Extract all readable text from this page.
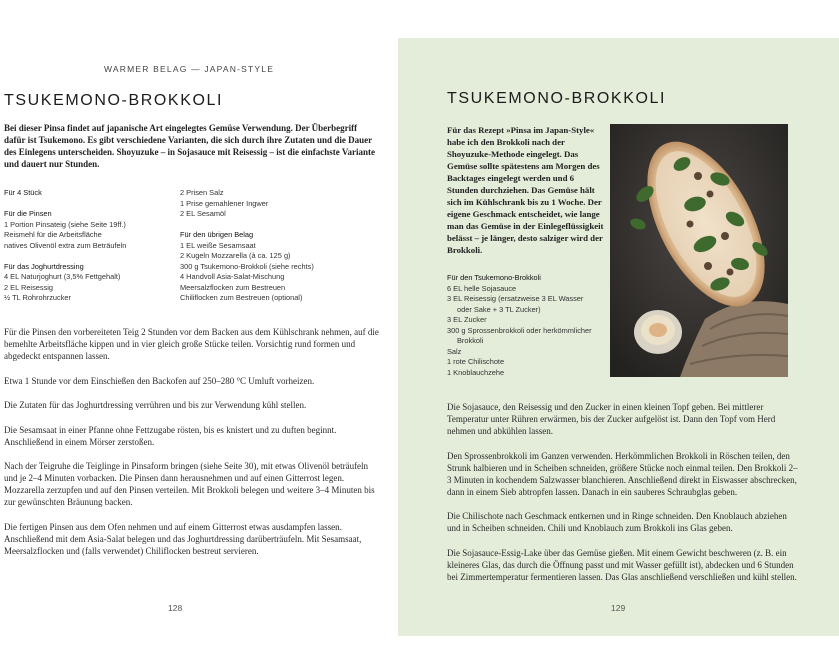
WARMER BELAG — JAPAN-STYLE
TSUKEMONO-BROKKOLI
Bei dieser Pinsa findet auf japanische Art eingelegtes Gemüse Verwendung. Der Überbegriff dafür ist Tsukemono. Es gibt verschiedene Varianten, die sich durch ihre Zutaten und die Dauer des Einlegens unterscheiden. Shoyuzuke – in Sojasauce mit Reisessig – ist die einfachste Variante und dauert nur Stunden.
Für 4 Stück
Für die Pinsen
1 Portion Pinsateig (siehe Seite 19ff.)
Reismehl für die Arbeitsfläche
natives Olivenöl extra zum Beträufeln
Für das Joghurtdressing
4 EL Naturjoghurt (3,5% Fettgehalt)
2 EL Reisessig
½ TL Rohrohrzucker
2 Prisen Salz
1 Prise gemahlener Ingwer
2 EL Sesamöl
Für den übrigen Belag
1 EL weiße Sesamsaat
2 Kugeln Mozzarella (à ca. 125 g)
300 g Tsukemono-Brokkoli (siehe rechts)
4 Handvoll Asia-Salat-Mischung
Meersalzflocken zum Bestreuen
Chiliflocken zum Bestreuen (optional)

Für die Pinsen den vorbereiteten Teig 2 Stunden vor dem Backen aus dem Kühlschrank nehmen, auf die bemehlte Arbeitsfläche kippen und in vier gleich große Stücke teilen. Vorsichtig rund formen und abgedeckt entspannen lassen.

Etwa 1 Stunde vor dem Einschießen den Backofen auf 250–280 °C Umluft vorheizen.

Die Zutaten für das Joghurtdressing verrühren und bis zur Verwendung kühl stellen.

Die Sesamsaat in einer Pfanne ohne Fettzugabe rösten, bis es knistert und zu duften beginnt. Anschließend in einem Mörser zerstoßen.

Nach der Teigruhe die Teiglinge in Pinsaform bringen (siehe Seite 30), mit etwas Olivenöl beträufeln und je 2–4 Minuten vorbacken. Die Pinsen dann herausnehmen und auf einen Gitterrost legen. Mozzarella zerzupfen und auf den Pinsen verteilen. Mit Brokkoli belegen und weitere 3–4 Minuten bis zur gewünschten Bräunung backen.

Die fertigen Pinsen aus dem Ofen nehmen und auf einem Gitterrost etwas ausdampfen lassen. Anschließend mit dem Asia-Salat belegen und das Joghurtdressing darüberträufeln. Mit Sesamsaat, Meersalzflocken und (falls verwendet) Chiliflocken bestreut servieren.

128
TSUKEMONO-BROKKOLI
Für das Rezept »Pinsa im Japan-Style« habe ich den Brokkoli nach der Shoyuzuke-Methode eingelegt. Das Gemüse sollte spätestens am Morgen des Backtages eingelegt werden und 6 Stunden durchziehen. Das Gemüse hält sich im Kühlschrank bis zu 1 Woche. Der eigene Geschmack entscheidet, wie lange man das Gemüse in der Einlegeflüssigkeit belässt – je länger, desto salziger wird der Brokkoli.
Für den Tsukemono-Brokkoli
6 EL helle Sojasauce
3 EL Reisessig (ersatzweise 3 EL Wasser
oder Sake + 3 TL Zucker)
3 EL Zucker
300 g Sprossenbrokkoli oder herkömmlicher
Brokkoli
Salz
1 rote Chilischote
1 Knoblauchzehe

Die Sojasauce, den Reisessig und den Zucker in einen kleinen Topf geben. Bei mittlerer Temperatur unter Rühren erwärmen, bis der Zucker aufgelöst ist. Dann den Topf vom Herd nehmen und abkühlen lassen.

Den Sprossenbrokkoli im Ganzen verwenden. Herkömmlichen Brokkoli in Röschen teilen, den Strunk halbieren und in Scheiben schneiden, größere Stücke noch einmal teilen. Den Brokkoli 2–3 Minuten in kochendem Salzwasser blanchieren. Anschließend direkt in Eiswasser abschrecken, dann in einem Sieb abtropfen lassen. Danach in ein sauberes Schraubglas geben.

Die Chilischote nach Geschmack entkernen und in Ringe schneiden. Den Knoblauch abziehen und in Scheiben schneiden. Chili und Knoblauch zum Brokkoli ins Glas geben.

Die Sojasauce-Essig-Lake über das Gemüse gießen. Mit einem Gewicht beschweren (z. B. ein kleineres Glas, das durch die Öffnung passt und mit Wasser gefüllt ist), abdecken und 6 Stunden bei Zimmertemperatur fermentieren lassen. Das Glas anschließend verschließen und kühl stellen.

129
